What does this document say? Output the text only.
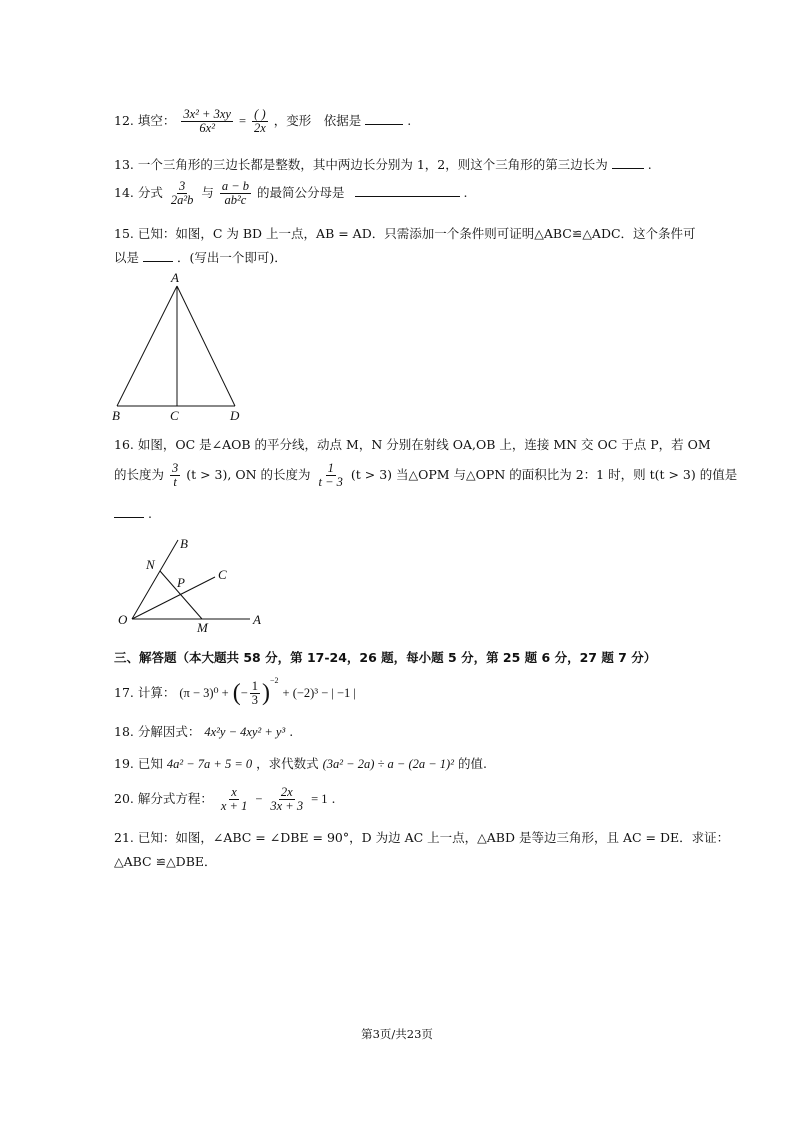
12. 填空： $\frac{\text{3x² + 3xy}}{\text{6x²}} = \frac{( )}{2x}$ ，变形　依据是	.
13. 一个三角形的三边长都是整数，其中两边长分别为 1，2，则这个三角形的第三边长为	.
14. 分式 $\frac{3}{\text{2a²b}}$ 与 $\frac{a - b}{\text{ab²c}}$ 的最简公分母是	.
15. 已知：如图，C 为 BD 上一点，AB = AD．只需添加一个条件则可证明△ABC≌△ADC．这个条件可
以是	．(写出一个即可)．
A
B	C	D
16. 如图，OC 是∠AOB 的平分线，动点 M，N 分别在射线 OA,OB 上，连接 MN 交 OC 于点 P，若 OM
的长度为 $\frac{3}{t} (t > 3)$, ON 的长度为 $\frac{1}{t - 3} (t > 3)$ 当△OPM 与△OPN 的面积比为 2：1 时，则 t(t > 3) 的值是
.
B
N
C
P
O
M
A
三、解答题（本大题共 58 分，第 17-24，26 题，每小题 5 分，第 25 题 6 分，27 题 7 分）
17. 计算： (π − 3)⁰ + (− $\frac{1}{3} )^{-2} + (-2)^3$ − | −1 |
18. 分解因式： 4x²y − 4xy² + y³ .
19. 已知 4a² − 7a + 5 = 0 ，求代数式 (3a² − 2a) ÷ a − (2a − 1)² 的值.
20. 解分式方程： $\frac{x}{x + 1} - \frac{2x}{3x + 3} = 1$ .
21. 已知：如图，∠ABC = ∠DBE = 90°，D 为边 AC 上一点，△ABD 是等边三角形，且 AC = DE．求证：
△ABC ≌△DBE．
第3页/共23页
